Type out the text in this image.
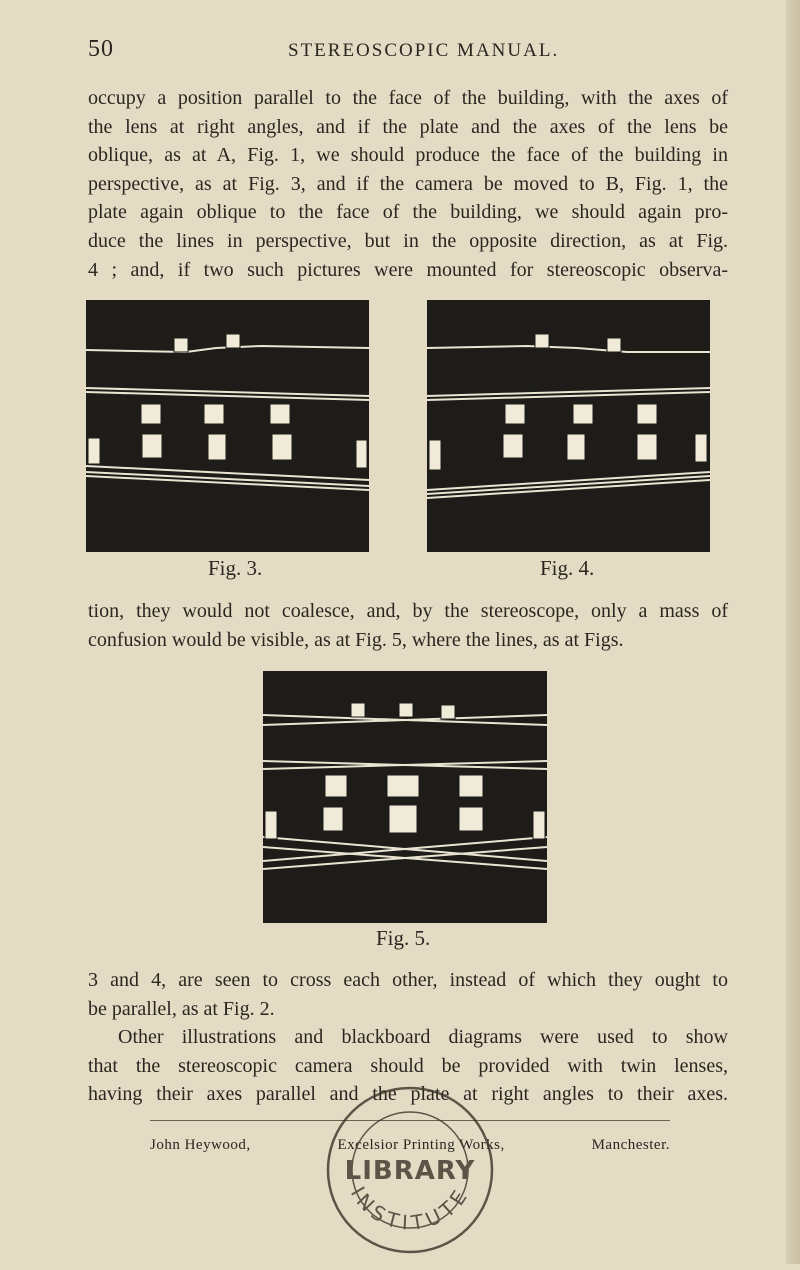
50	STEREOSCOPIC MANUAL.

occupy a position parallel to the face of the building, with the axes of
the lens at right angles, and if the plate and the axes of the lens be
oblique, as at A, Fig. 1, we should produce the face of the building in
perspective, as at Fig. 3, and if the camera be moved to B, Fig. 1, the
plate again oblique to the face of the building, we should again pro-
duce the lines in perspective, but in the opposite direction, as at Fig.
4 ; and, if two such pictures were mounted for stereoscopic observa-

Fig. 3.	Fig. 4.

tion, they would not coalesce, and, by the stereoscope, only a mass of
confusion would be visible, as at Fig. 5, where the lines, as at Figs.

Fig. 5.

3 and 4, are seen to cross each other, instead of which they ought to
be parallel, as at Fig. 2.
Other illustrations and blackboard diagrams were used to show
that the stereoscopic camera should be provided with twin lenses,
having their axes parallel and the plate at right angles to their axes.

John Heywood,	Excelsior Printing Works,	Manchester.
LIBRARY
INSTITUTE
